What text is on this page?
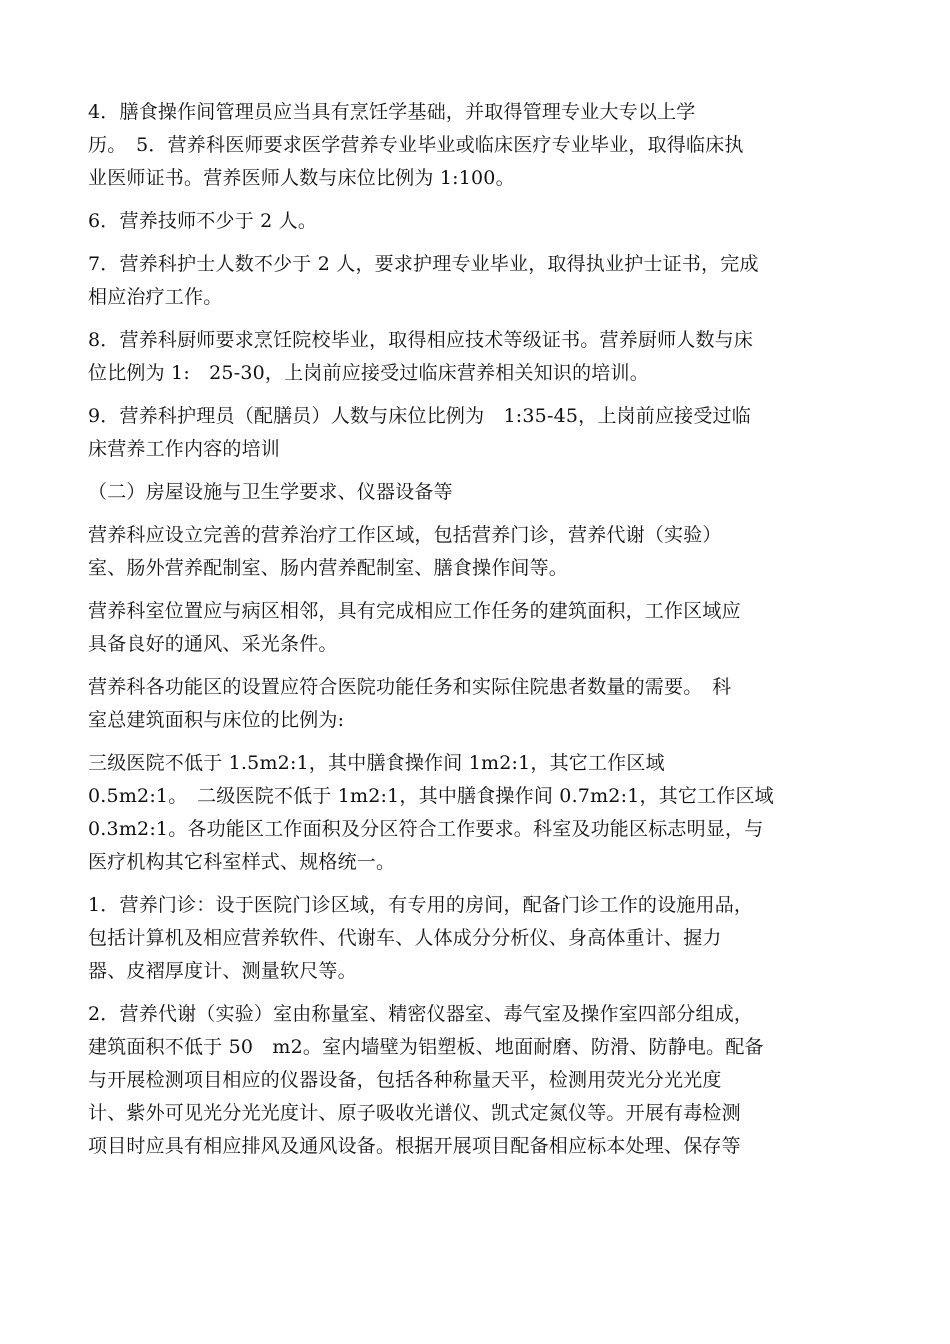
4．膳食操作间管理员应当具有烹饪学基础，并取得管理专业大专以上学
历。　5．营养科医师要求医学营养专业毕业或临床医疗专业毕业，取得临床执
业医师证书。营养医师人数与床位比例为 1:100。

6．营养技师不少于 2 人。

7．营养科护士人数不少于 2 人，要求护理专业毕业，取得执业护士证书，完成
相应治疗工作。

8．营养科厨师要求烹饪院校毕业，取得相应技术等级证书。营养厨师人数与床
位比例为 1:　25-30，上岗前应接受过临床营养相关知识的培训。

9．营养科护理员（配膳员）人数与床位比例为　1:35-45，上岗前应接受过临
床营养工作内容的培训

（二）房屋设施与卫生学要求、仪器设备等

营养科应设立完善的营养治疗工作区域，包括营养门诊，营养代谢（实验）
室、肠外营养配制室、肠内营养配制室、膳食操作间等。

营养科室位置应与病区相邻，具有完成相应工作任务的建筑面积，工作区域应
具备良好的通风、采光条件。

营养科各功能区的设置应符合医院功能任务和实际住院患者数量的需要。　科
室总建筑面积与床位的比例为:

三级医院不低于 1.5m2:1，其中膳食操作间 1m2:1，其它工作区域
0.5m2:1。　二级医院不低于 1m2:1，其中膳食操作间 0.7m2:1，其它工作区域
0.3m2:1。各功能区工作面积及分区符合工作要求。科室及功能区标志明显，与
医疗机构其它科室样式、规格统一。

1．营养门诊：设于医院门诊区域，有专用的房间，配备门诊工作的设施用品，
包括计算机及相应营养软件、代谢车、人体成分分析仪、身高体重计、握力
器、皮褶厚度计、测量软尺等。

2．营养代谢（实验）室由称量室、精密仪器室、毒气室及操作室四部分组成，
建筑面积不低于 50　m2。室内墙壁为铝塑板、地面耐磨、防滑、防静电。配备
与开展检测项目相应的仪器设备，包括各种称量天平，检测用荧光分光光度
计、紫外可见光分光光度计、原子吸收光谱仪、凯式定氮仪等。开展有毒检测
项目时应具有相应排风及通风设备。根据开展项目配备相应标本处理、保存等
